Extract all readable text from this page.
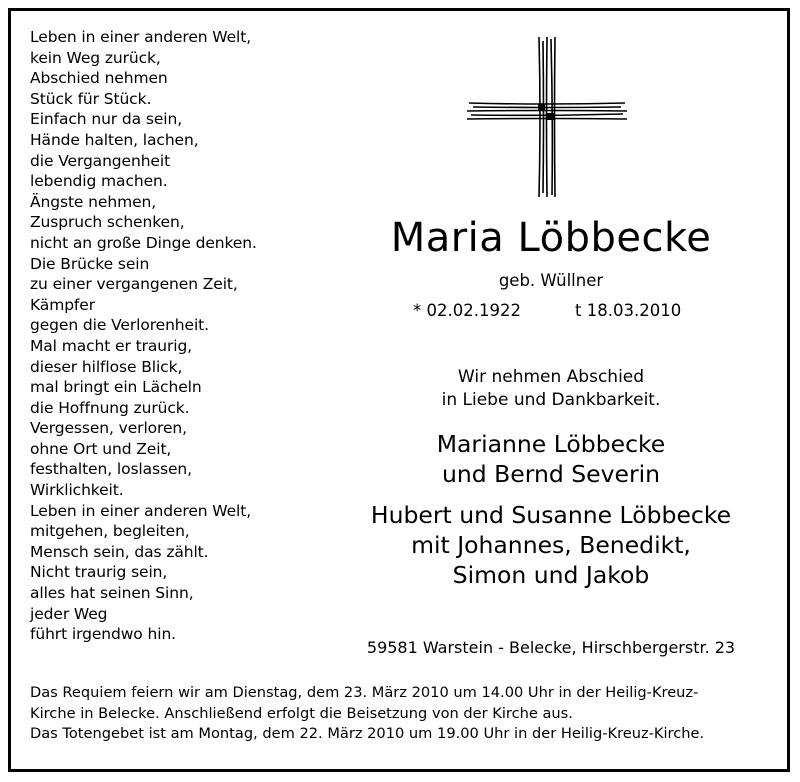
Leben in einer anderen Welt,
kein Weg zurück,
Abschied nehmen
Stück für Stück.
Einfach nur da sein,
Hände halten, lachen,
die Vergangenheit
lebendig machen.
Ängste nehmen,
Zuspruch schenken,
nicht an große Dinge denken.
Die Brücke sein
zu einer vergangenen Zeit,
Kämpfer
gegen die Verlorenheit.
Mal macht er traurig,
dieser hilflose Blick,
mal bringt ein Lächeln
die Hoffnung zurück.
Vergessen, verloren,
ohne Ort und Zeit,
festhalten, loslassen,
Wirklichkeit.
Leben in einer anderen Welt,
mitgehen, begleiten,
Mensch sein, das zählt.
Nicht traurig sein,
alles hat seinen Sinn,
jeder Weg
führt irgendwo hin.
Maria Löbbecke
geb. Wüllner
* 02.02.1922	t 18.03.2010
Wir nehmen Abschied
in Liebe und Dankbarkeit.
Marianne Löbbecke
und Bernd Severin
Hubert und Susanne Löbbecke
mit Johannes, Benedikt,
Simon und Jakob
59581 Warstein - Belecke, Hirschbergerstr. 23
Das Requiem feiern wir am Dienstag, dem 23. März 2010 um 14.00 Uhr in der Heilig-Kreuz-
Kirche in Belecke. Anschließend erfolgt die Beisetzung von der Kirche aus.
Das Totengebet ist am Montag, dem 22. März 2010 um 19.00 Uhr in der Heilig-Kreuz-Kirche.
